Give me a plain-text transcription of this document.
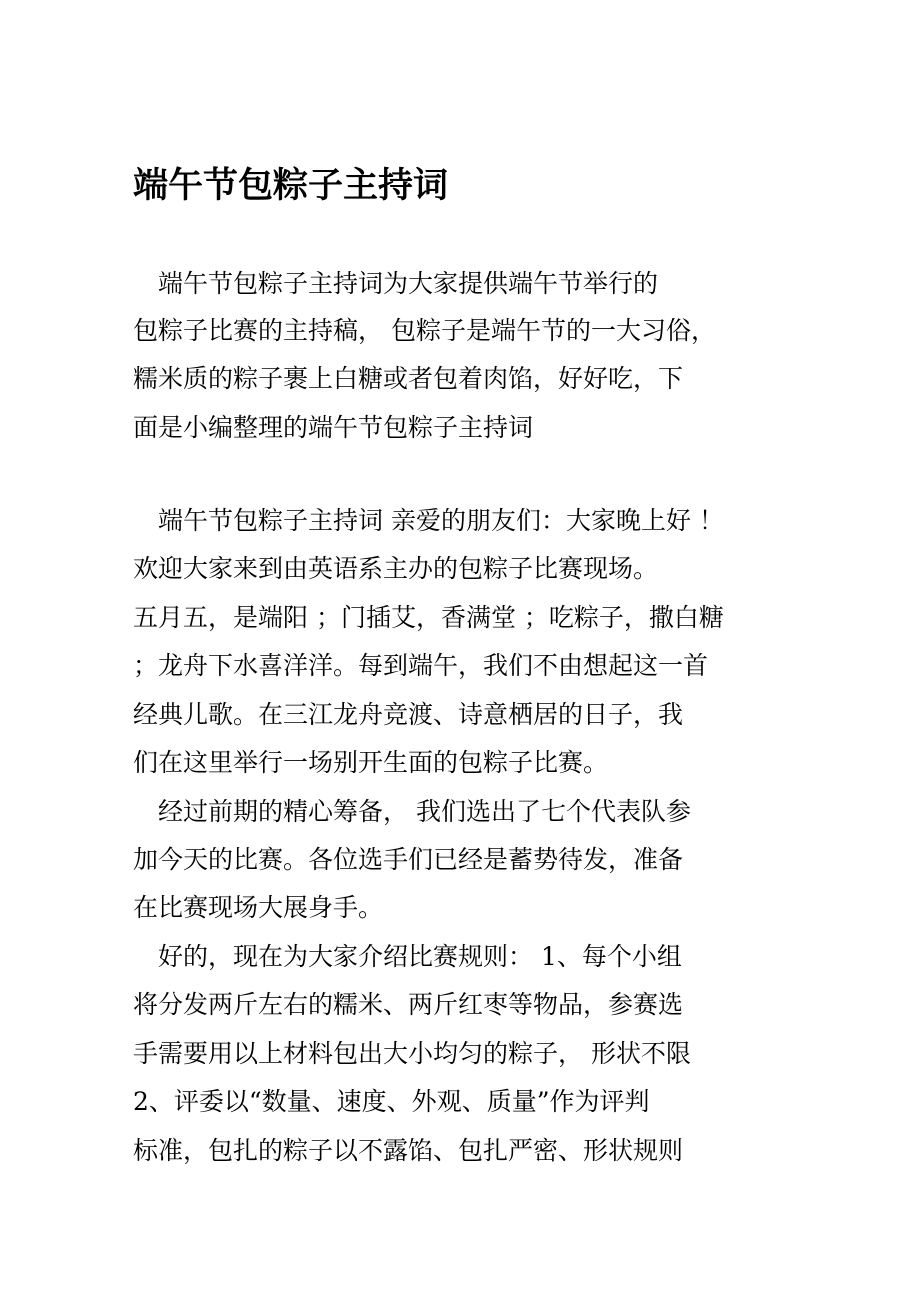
端午节包粽子主持词
　端午节包粽子主持词为大家提供端午节举行的
包粽子比赛的主持稿， 包粽子是端午节的一大习俗，
糯米质的粽子裹上白糖或者包着肉馅，好好吃，下
面是小编整理的端午节包粽子主持词
　端午节包粽子主持词 亲爱的朋友们：大家晚上好 ！
欢迎大家来到由英语系主办的包粽子比赛现场。
五月五，是端阳 ；门插艾，香满堂 ；吃粽子，撒白糖
；龙舟下水喜洋洋。每到端午，我们不由想起这一首
经典儿歌。在三江龙舟竞渡、诗意栖居的日子，我
们在这里举行一场别开生面的包粽子比赛。
　经过前期的精心筹备， 我们选出了七个代表队参
加今天的比赛。各位选手们已经是蓄势待发，准备
在比赛现场大展身手。
　好的，现在为大家介绍比赛规则： 1、每个小组
将分发两斤左右的糯米、两斤红枣等物品，参赛选
手需要用以上材料包出大小均匀的粽子， 形状不限
2、评委以“数量、速度、外观、质量”作为评判
标准，包扎的粽子以不露馅、包扎严密、形状规则
